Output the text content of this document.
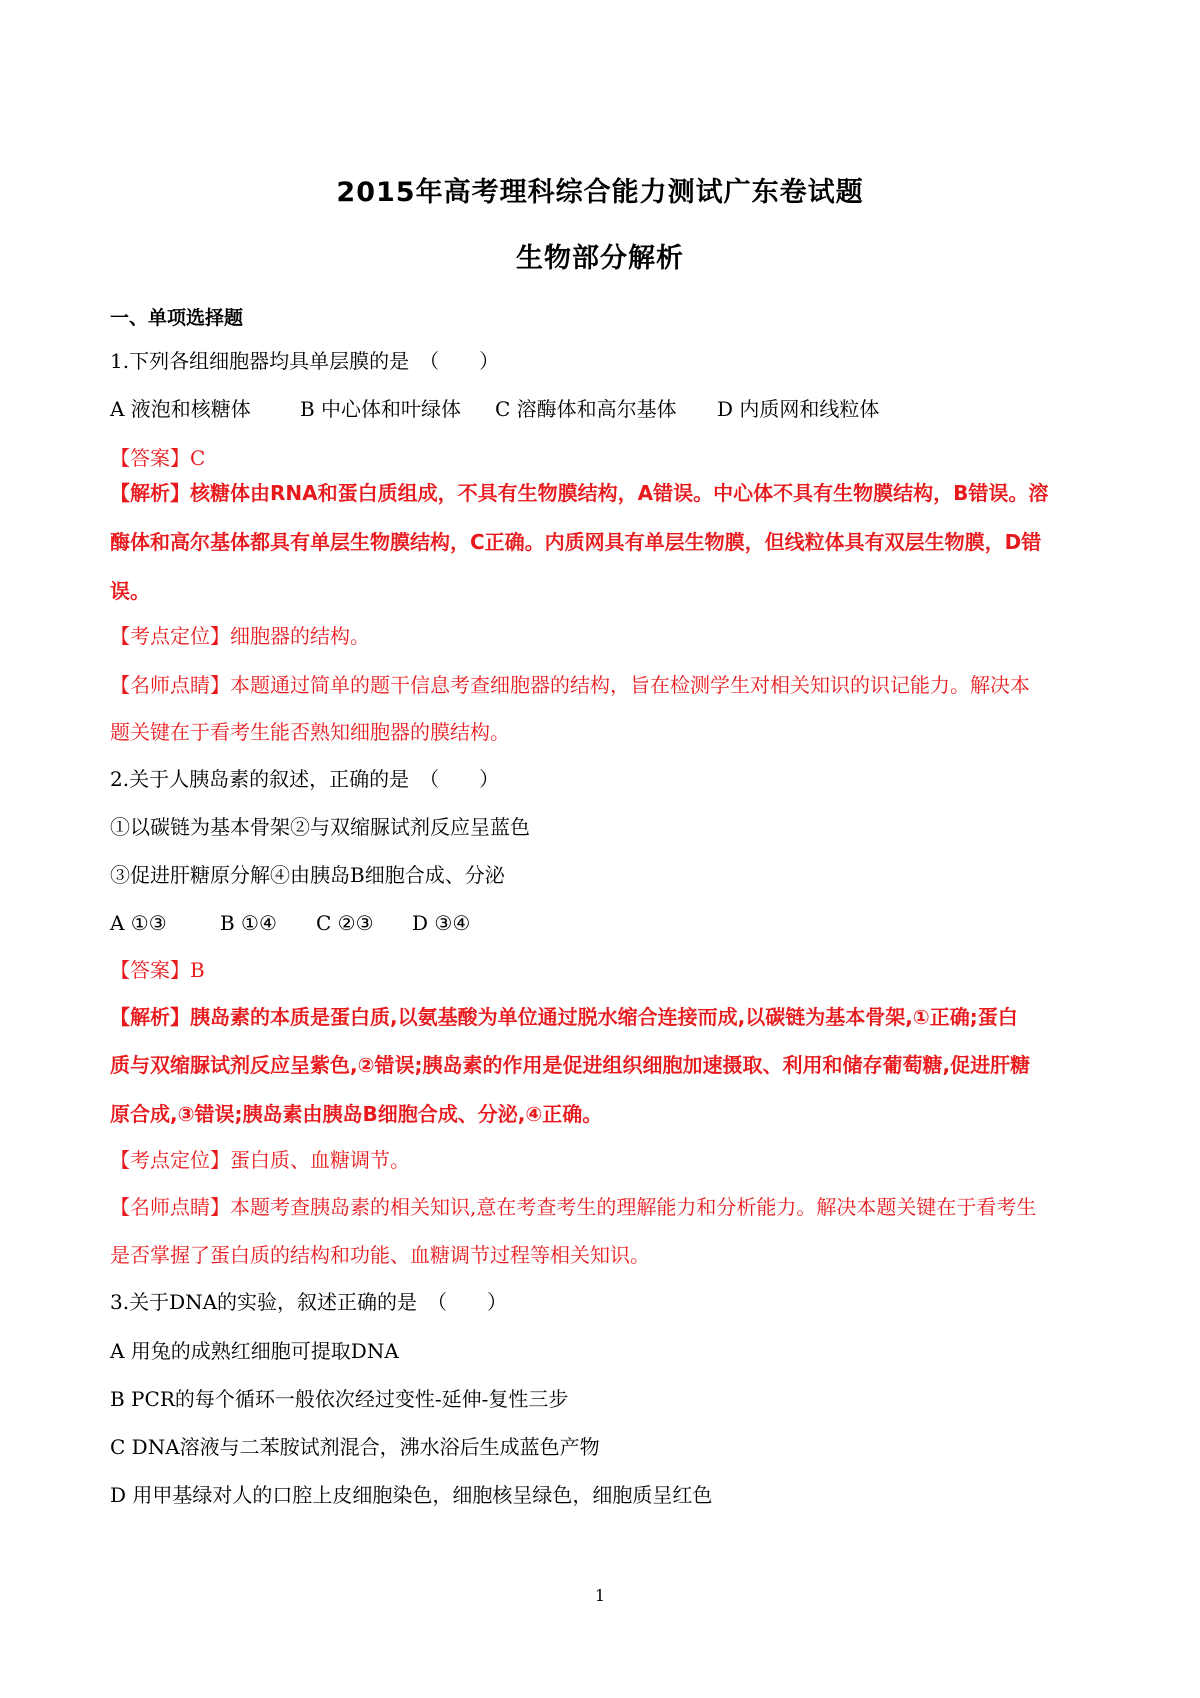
2015年高考理科综合能力测试广东卷试题
生物部分解析
一、单项选择题
1.下列各组细胞器均具单层膜的是　（　　）
A 液泡和核糖体 B 中心体和叶绿体 C 溶酶体和高尔基体 D 内质网和线粒体
【答案】C
【解析】核糖体由RNA和蛋白质组成，不具有生物膜结构，A错误。中心体不具有生物膜结构，B错误。溶
酶体和高尔基体都具有单层生物膜结构，C正确。内质网具有单层生物膜，但线粒体具有双层生物膜，D错
误。
【考点定位】细胞器的结构。
【名师点睛】本题通过简单的题干信息考查细胞器的结构，旨在检测学生对相关知识的识记能力。解决本
题关键在于看考生能否熟知细胞器的膜结构。
2.关于人胰岛素的叙述，正确的是　（　　）
①以碳链为基本骨架②与双缩脲试剂反应呈蓝色
③促进肝糖原分解④由胰岛B细胞合成、分泌
A ①③	B ①④ C ②③ D ③④
【答案】B
【解析】胰岛素的本质是蛋白质,以氨基酸为单位通过脱水缩合连接而成,以碳链为基本骨架,①正确;蛋白
质与双缩脲试剂反应呈紫色,②错误;胰岛素的作用是促进组织细胞加速摄取、利用和储存葡萄糖,促进肝糖
原合成,③错误;胰岛素由胰岛B细胞合成、分泌,④正确。
【考点定位】蛋白质、血糖调节。
【名师点睛】本题考查胰岛素的相关知识,意在考查考生的理解能力和分析能力。解决本题关键在于看考生
是否掌握了蛋白质的结构和功能、血糖调节过程等相关知识。
3.关于DNA的实验，叙述正确的是　（　　）
A 用兔的成熟红细胞可提取DNA
B PCR的每个循环一般依次经过变性-延伸-复性三步
C DNA溶液与二苯胺试剂混合，沸水浴后生成蓝色产物
D 用甲基绿对人的口腔上皮细胞染色，细胞核呈绿色，细胞质呈红色
1
